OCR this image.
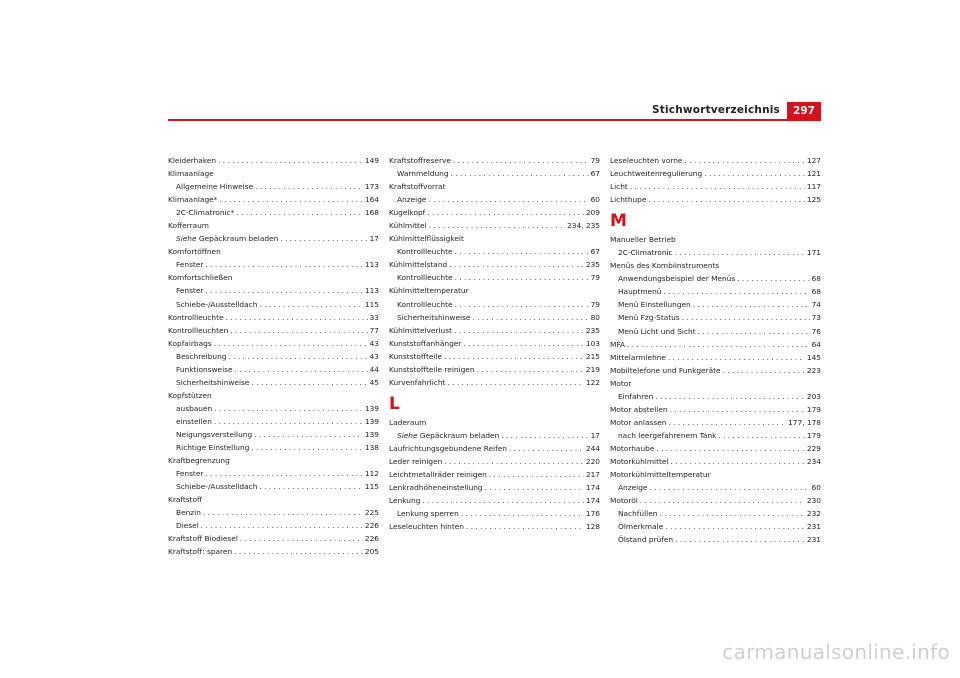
Stichwortverzeichnis	297
Kleiderhaken . . .	149
Klimaanlage
Allgemeine Hinweise . . .	173
Klimaanlage* . . .	164
2C-Climatronic* . . .	168
Kofferraum
Siehe Gepäckraum beladen . . .	17
Komfortöffnen
Fenster . . .	113
Komfortschließen
Fenster . . .	113
Schiebe-/Ausstelldach . . .	115
Kontrollleuchte . . .	33
Kontrollleuchten . . .	77
Kopfairbags . . .	43
Beschreibung . . .	43
Funktionsweise . . .	44
Sicherheitshinweise . . .	45
Kopfstützen
ausbauen . . .	139
einstellen . . .	139
Neigungsverstellung . . .	139
Richtige Einstellung . . .	138
Kraftbegrenzung
Fenster . . .	112
Schiebe-/Ausstelldach . . .	115
Kraftstoff
Benzin . . .	225
Diesel . . .	226
Kraftstoff Biodiesel . . .	226
Kraftstoff: sparen . . .	205
Kraftstoffreserve . . .	79
Warnmeldung . . .	67
Kraftstoffvorrat
Anzeige . . .	60
Kugelkopf . . .	209
Kühlmittel . . .	234, 235
Kühlmittelflüssigkeit
Kontrollleuchte . . .	67
Kühlmittelstand . . .	235
Kontrollleuchte . . .	79
Kühlmitteltemperatur
Kontrollleuchte . . .	79
Sicherheitshinweise . . .	80
Kühlmittelverlust . . .	235
Kunststoffanhänger . . .	103
Kunststoffteile . . .	215
Kunststoffteile reinigen . . .	219
Kurvenfahrlicht . . .	122
L
Laderaum
Siehe Gepäckraum beladen . . .	17
Laufrichtungsgebundene Reifen . . .	244
Leder reinigen . . .	220
Leichtmetallräder reinigen . . .	217
Lenkradhöheneinstellung . . .	174
Lenkung . . .	174
Lenkung sperren . . .	176
Leseleuchten hinten . . .	128
Leseleuchten vorne . . .	127
Leuchtweitenregulierung . . .	121
Licht . . .	117
Lichthupe . . .	125
M
Manueller Betrieb
2C-Climatronic . . .	171
Menüs des Kombiinstruments
Anwendungsbeispiel der Menüs . . .	68
Hauptmenü . . .	68
Menü Einstellungen . . .	74
Menü Fzg-Status . . .	73
Menü Licht und Sicht . . .	76
MFA . . .	64
Mittelarmlehne . . .	145
Mobiltelefone und Funkgeräte . . .	223
Motor
Einfahren . . .	203
Motor abstellen . . .	179
Motor anlassen . . .	177, 178
nach leergefahrenem Tank . . .	179
Motorhaube . . .	229
Motorkühlmittel . . .	234
Motorkühlmitteltemperatur
Anzeige . . .	60
Motoröl . . .	230
Nachfüllen . . .	232
Ölmerkmale . . .	231
Ölstand prüfen . . .	231
carmanualsonline.info
